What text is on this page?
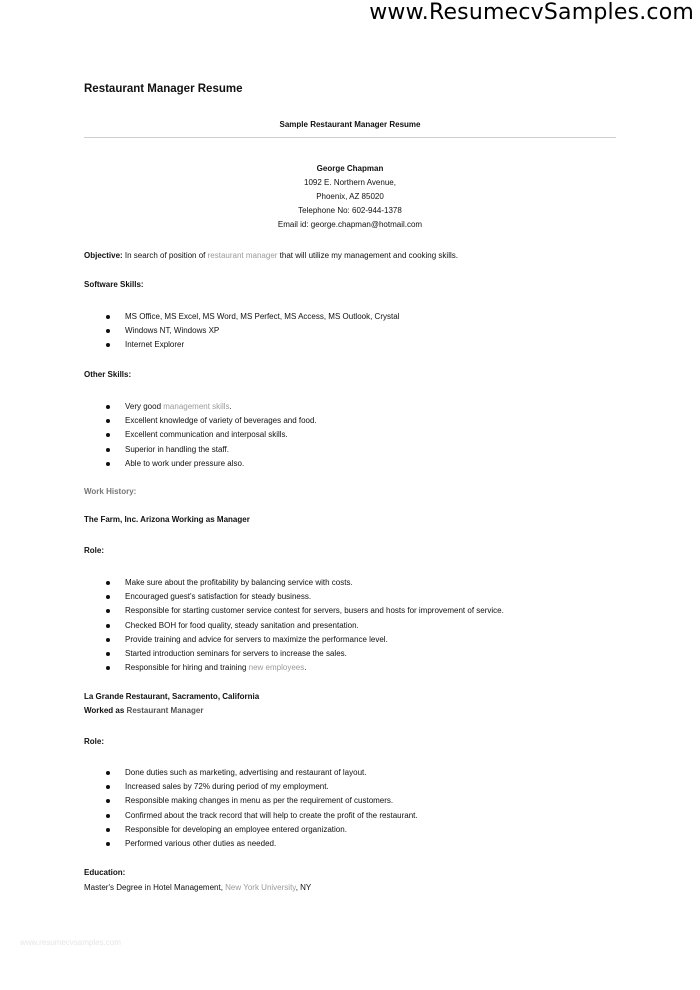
www.ResumecvSamples.com
Restaurant Manager Resume
Sample Restaurant Manager Resume
George Chapman
1092 E. Northern Avenue,
Phoenix, AZ 85020
Telephone No: 602-944-1378
Email id: george.chapman@hotmail.com
Objective: In search of position of restaurant manager that will utilize my management and cooking skills.
Software Skills:
MS Office, MS Excel, MS Word, MS Perfect, MS Access, MS Outlook, Crystal
Windows NT, Windows XP
Internet Explorer
Other Skills:
Very good management skills.
Excellent knowledge of variety of beverages and food.
Excellent communication and interposal skills.
Superior in handling the staff.
Able to work under pressure also.
Work History:
The Farm, Inc. Arizona Working as Manager
Role:
Make sure about the profitability by balancing service with costs.
Encouraged guest's satisfaction for steady business.
Responsible for starting customer service contest for servers, busers and hosts for improvement of service.
Checked BOH for food quality, steady sanitation and presentation.
Provide training and advice for servers to maximize the performance level.
Started introduction seminars for servers to increase the sales.
Responsible for hiring and training new employees.
La Grande Restaurant, Sacramento, California
Worked as Restaurant Manager
Role:
Done duties such as marketing, advertising and restaurant of layout.
Increased sales by 72% during period of my employment.
Responsible making changes in menu as per the requirement of customers.
Confirmed about the track record that will help to create the profit of the restaurant.
Responsible for developing an employee entered organization.
Performed various other duties as needed.
Education:
Master's Degree in Hotel Management, New York University, NY
www.resumecvsamples.com
